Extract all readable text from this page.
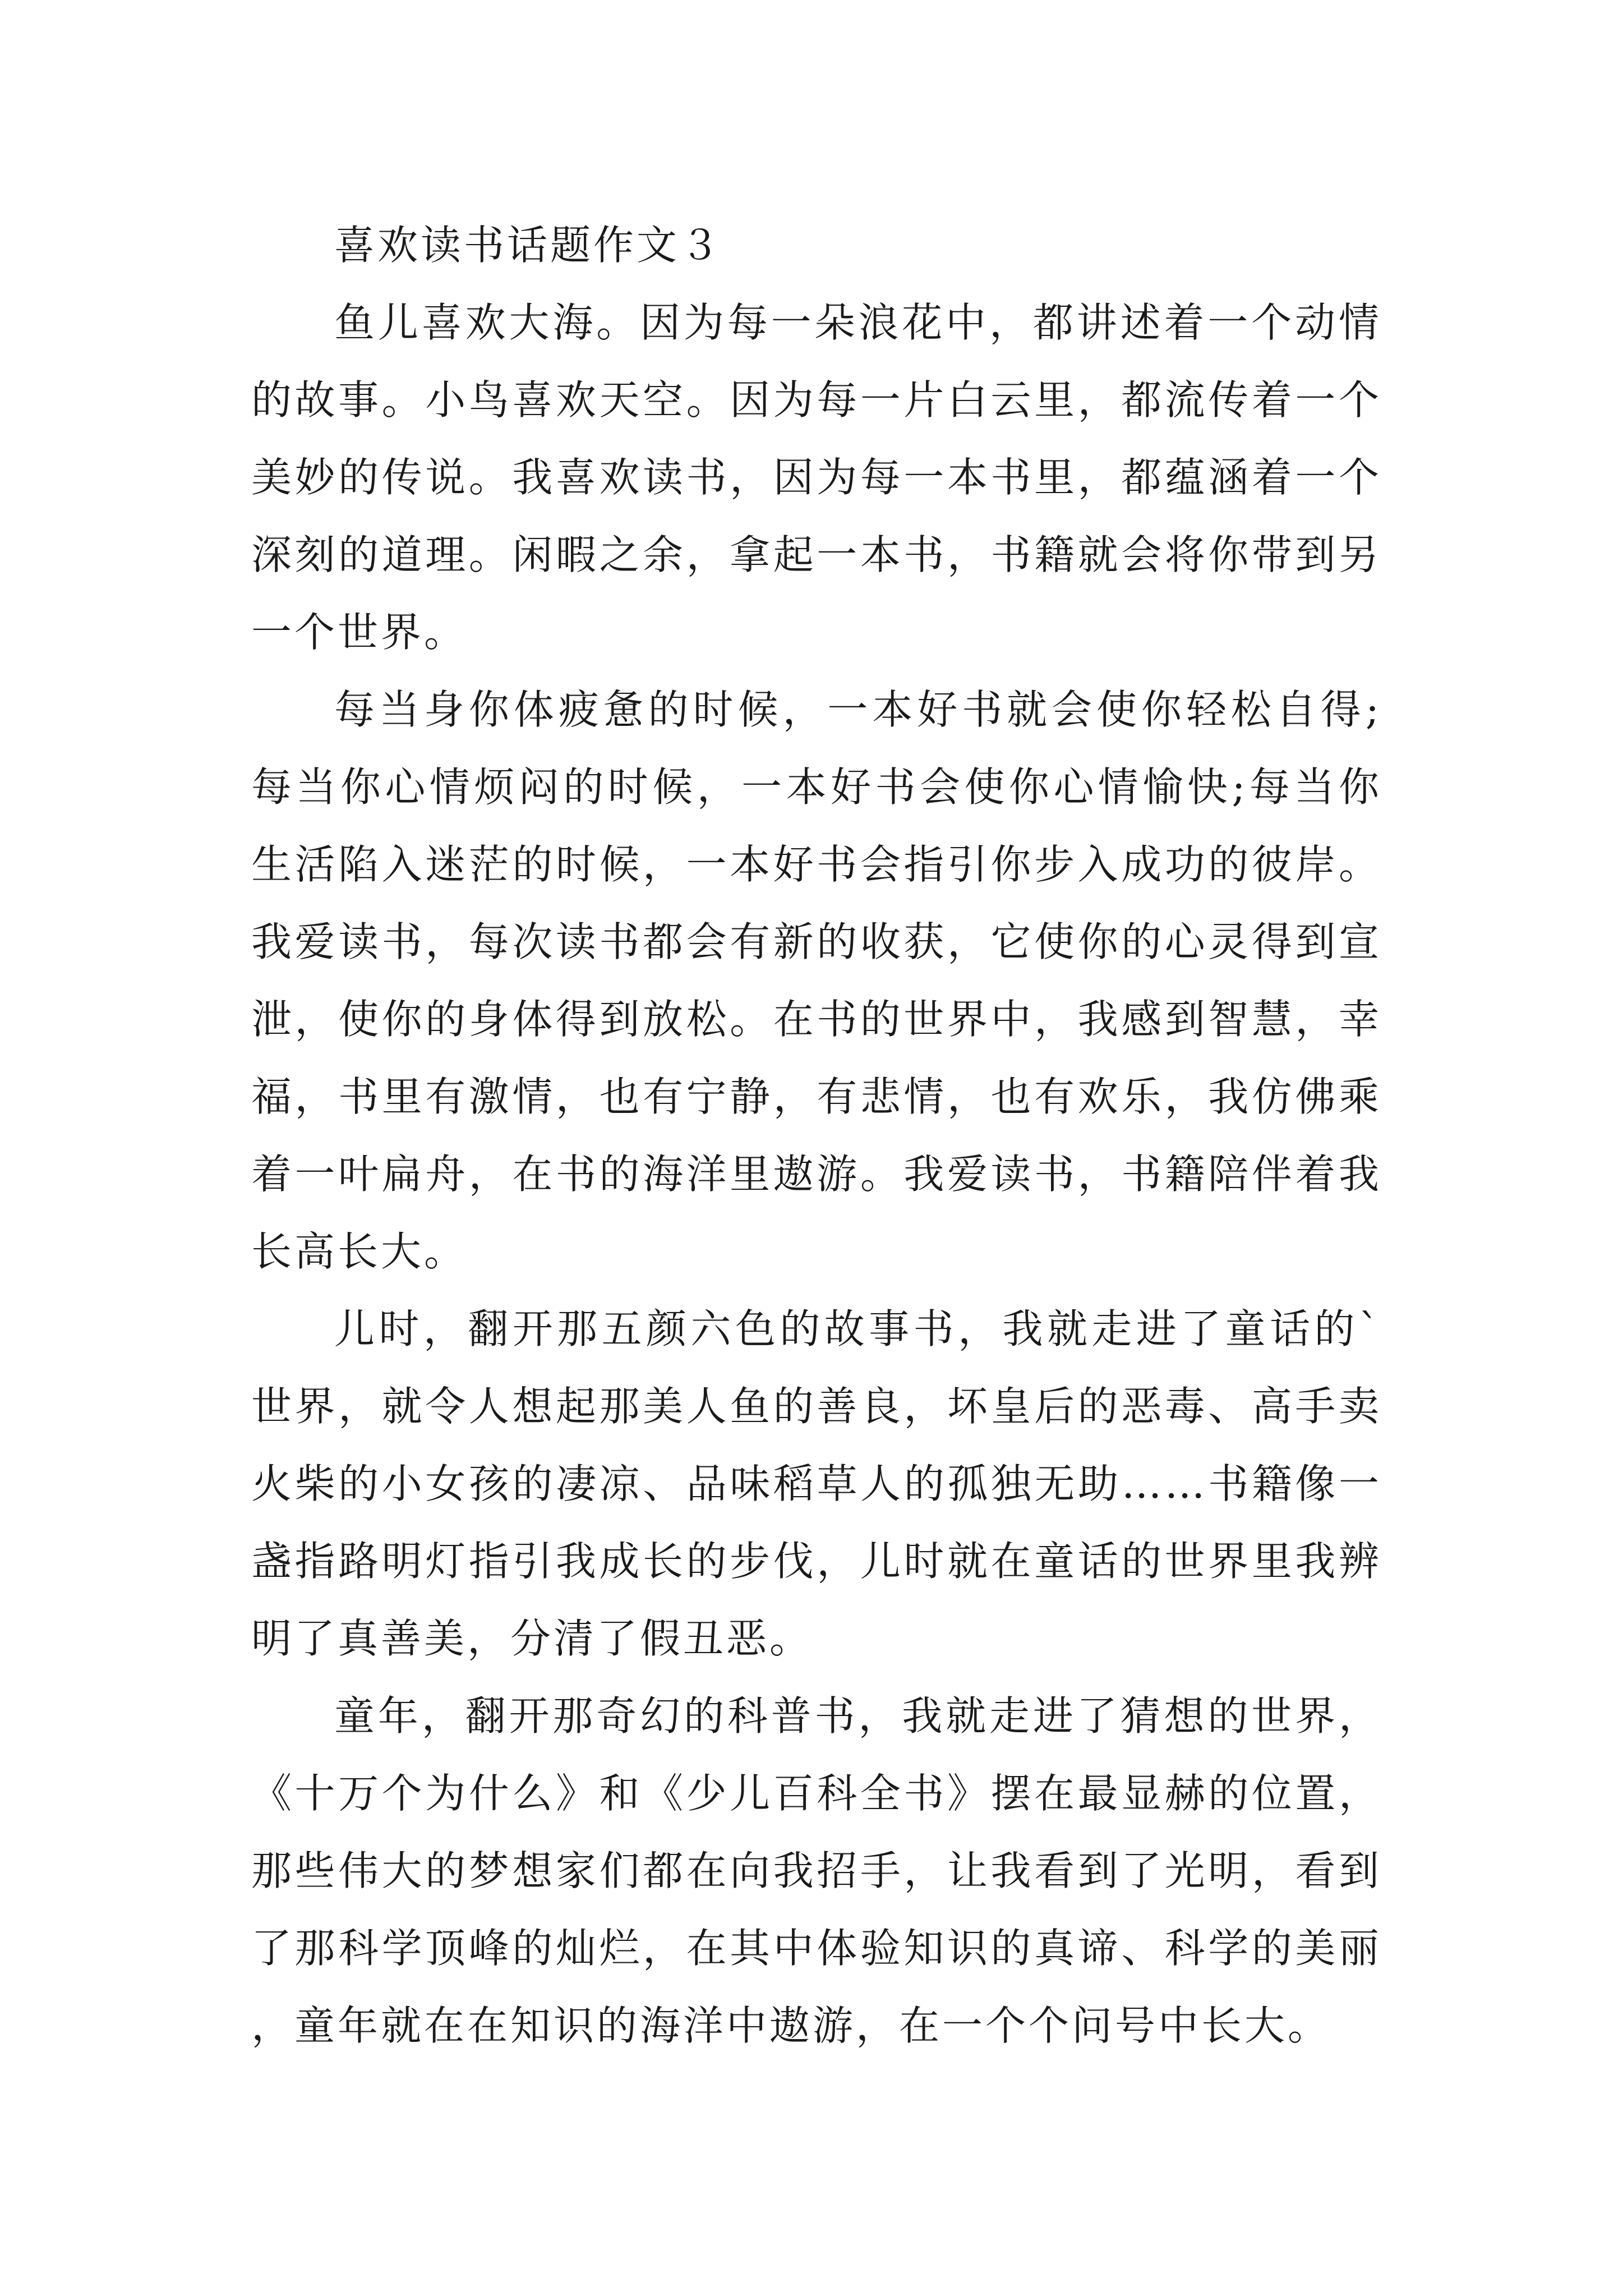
喜欢读书话题作文３

鱼儿喜欢大海。因为每一朵浪花中，都讲述着一个动情的故事。小鸟喜欢天空。因为每一片白云里，都流传着一个美妙的传说。我喜欢读书，因为每一本书里，都蕴涵着一个深刻的道理。闲暇之余，拿起一本书，书籍就会将你带到另一个世界。

每当身你体疲惫的时候，一本好书就会使你轻松自得;每当你心情烦闷的时候，一本好书会使你心情愉快;每当你生活陷入迷茫的时候，一本好书会指引你步入成功的彼岸。我爱读书，每次读书都会有新的收获，它使你的心灵得到宣泄，使你的身体得到放松。在书的世界中，我感到智慧，幸福，书里有激情，也有宁静，有悲情，也有欢乐，我仿佛乘着一叶扁舟，在书的海洋里遨游。我爱读书，书籍陪伴着我长高长大。

儿时，翻开那五颜六色的故事书，我就走进了童话的`世界，就令人想起那美人鱼的善良，坏皇后的恶毒、高手卖火柴的小女孩的凄凉、品味稻草人的孤独无助……书籍像一盏指路明灯指引我成长的步伐，儿时就在童话的世界里我辨明了真善美，分清了假丑恶。

童年，翻开那奇幻的科普书，我就走进了猜想的世界，《十万个为什么》和《少儿百科全书》摆在最显赫的位置，那些伟大的梦想家们都在向我招手，让我看到了光明，看到了那科学顶峰的灿烂，在其中体验知识的真谛、科学的美丽，童年就在在知识的海洋中遨游，在一个个问号中长大。
